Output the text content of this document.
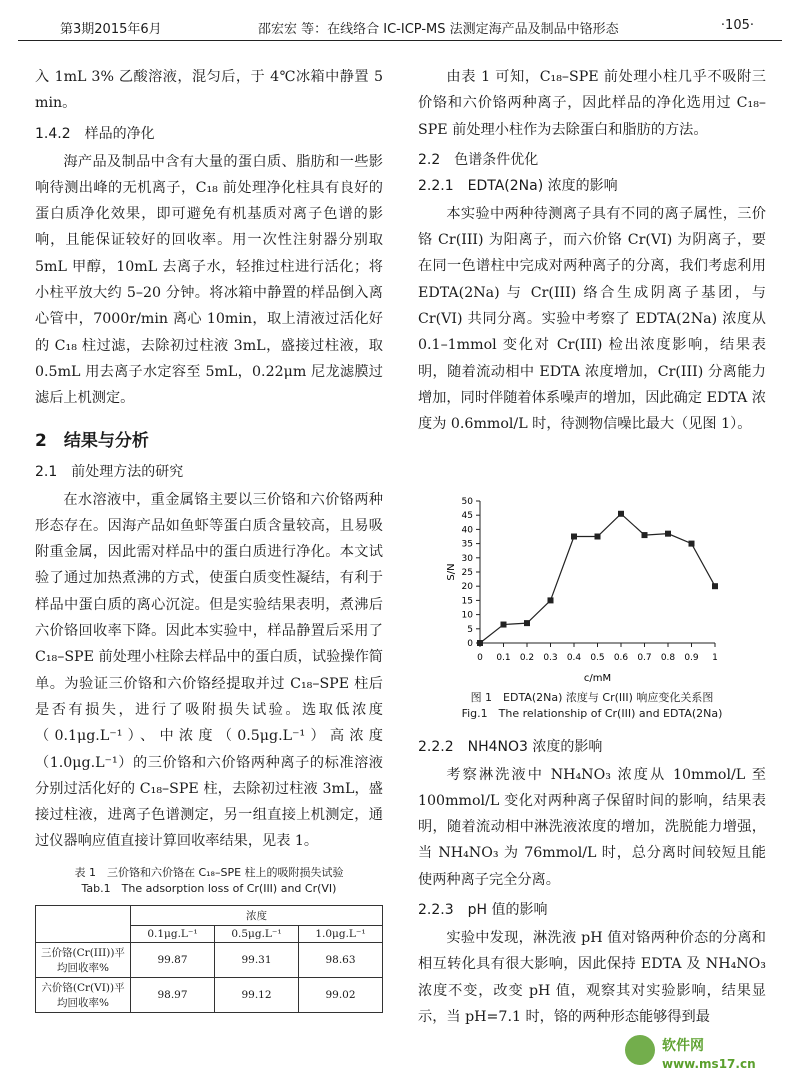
第3期2015年6月	邵宏宏 等：在线络合 IC-ICP-MS 法测定海产品及制品中铬形态	·105·

入 1mL 3% 乙酸溶液，混匀后，于 4℃冰箱中静置 5 min。

1.4.2　样品的净化

海产品及制品中含有大量的蛋白质、脂肪和一些影响待测出峰的无机离子，C₁₈ 前处理净化柱具有良好的蛋白质净化效果，即可避免有机基质对离子色谱的影响，且能保证较好的回收率。用一次性注射器分别取 5mL 甲醇，10mL 去离子水，轻推过柱进行活化；将小柱平放大约 5–20 分钟。将冰箱中静置的样品倒入离心管中，7000r/min 离心 10min，取上清液过活化好的 C₁₈ 柱过滤，去除初过柱液 3mL，盛接过柱液，取 0.5mL 用去离子水定容至 5mL，0.22μm 尼龙滤膜过滤后上机测定。

2　结果与分析
2.1　前处理方法的研究

在水溶液中，重金属铬主要以三价铬和六价铬两种形态存在。因海产品如鱼虾等蛋白质含量较高，且易吸附重金属，因此需对样品中的蛋白质进行净化。本文试验了通过加热煮沸的方式，使蛋白质变性凝结，有利于样品中蛋白质的离心沉淀。但是实验结果表明，煮沸后六价铬回收率下降。因此本实验中，样品静置后采用了 C₁₈–SPE 前处理小柱除去样品中的蛋白质，试验操作简单。为验证三价铬和六价铬经提取并过 C₁₈–SPE 柱后是否有损失，进行了吸附损失试验。选取低浓度（0.1μg.L⁻¹）、中浓度（0.5μg.L⁻¹）高浓度（1.0μg.L⁻¹）的三价铬和六价铬两种离子的标准溶液分别过活化好的 C₁₈–SPE 柱，去除初过柱液 3mL，盛接过柱液，进离子色谱测定，另一组直接上机测定，通过仪器响应值直接计算回收率结果，见表 1。

表 1　三价铬和六价铬在 C₁₈–SPE 柱上的吸附损失试验
Tab.1　The adsorption loss of Cr(III) and Cr(VI)
	浓度		
	0.1μg.L⁻¹	0.5μg.L⁻¹	1.0μg.L⁻¹
三价铬(Cr(III))平均回收率%	99.87	99.31	98.63
六价铬(Cr(VI))平均回收率%	98.97	99.12	99.02

由表 1 可知，C₁₈–SPE 前处理小柱几乎不吸附三价铬和六价铬两种离子，因此样品的净化选用过 C₁₈–SPE 前处理小柱作为去除蛋白和脂肪的方法。

2.2　色谱条件优化
2.2.1　EDTA(2Na) 浓度的影响

本实验中两种待测离子具有不同的离子属性，三价铬 Cr(III) 为阳离子，而六价铬 Cr(VI) 为阴离子，要在同一色谱柱中完成对两种离子的分离，我们考虑利用 EDTA(2Na) 与 Cr(III) 络合生成阴离子基团，与 Cr(VI) 共同分离。实验中考察了 EDTA(2Na) 浓度从 0.1–1mmol 变化对 Cr(III) 检出浓度影响，结果表明，随着流动相中 EDTA 浓度增加，Cr(III) 分离能力增加，同时伴随着体系噪声的增加，因此确定 EDTA 浓度为 0.6mmol/L 时，待测物信噪比最大（见图 1）。

图 1　EDTA(2Na) 浓度与 Cr(III) 响应变化关系图
Fig.1　The relationship of Cr(III) and EDTA(2Na)
2.2.2　NH4NO3 浓度的影响

考察淋洗液中 NH₄NO₃ 浓度从 10mmol/L 至 100mmol/L 变化对两种离子保留时间的影响，结果表明，随着流动相中淋洗液浓度的增加，洗脱能力增强，当 NH₄NO₃ 为 76mmol/L 时，总分离时间较短且能使两种离子完全分离。

2.2.3　pH 值的影响

实验中发现，淋洗液 pH 值对铬两种价态的分离和相互转化具有很大影响，因此保持 EDTA 及 NH₄NO₃ 浓度不变，改变 pH 值，观察其对实验影响，结果显示，当 pH=7.1 时，铬的两种形态能够得到最

0
5
10
15
20
25
30
35
40
45
50
0 0.1 0.2 0.3 0.4 0.5 0.6 0.7 0.8 0.9 1
S/N
c/mM
软件网
www.ms17.cn
